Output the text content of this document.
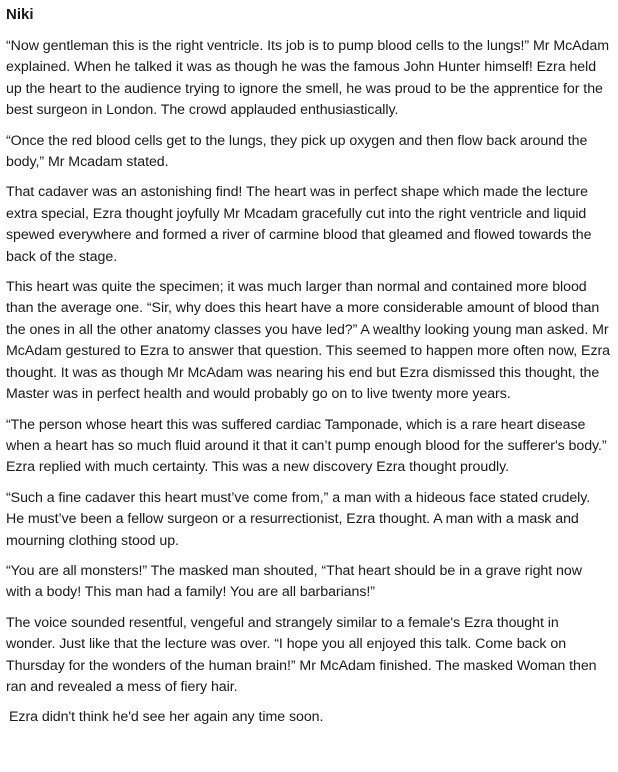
Niki

“Now gentleman this is the right ventricle. Its job is to pump blood cells to the lungs!” Mr McAdam explained. When he talked it was as though he was the famous John Hunter himself! Ezra held up the heart to the audience trying to ignore the smell, he was proud to be the apprentice for the best surgeon in London. The crowd applauded enthusiastically.

“Once the red blood cells get to the lungs, they pick up oxygen and then flow back around the body,” Mr Mcadam stated.

That cadaver was an astonishing find! The heart was in perfect shape which made the lecture extra special, Ezra thought joyfully Mr Mcadam gracefully cut into the right ventricle and liquid spewed everywhere and formed a river of carmine blood that gleamed and flowed towards the back of the stage.

This heart was quite the specimen; it was much larger than normal and contained more blood than the average one. “Sir, why does this heart have a more considerable amount of blood than the ones in all the other anatomy classes you have led?” A wealthy looking young man asked. Mr McAdam gestured to Ezra to answer that question. This seemed to happen more often now, Ezra thought. It was as though Mr McAdam was nearing his end but Ezra dismissed this thought, the Master was in perfect health and would probably go on to live twenty more years.

“The person whose heart this was suffered cardiac Tamponade, which is a rare heart disease when a heart has so much fluid around it that it can’t pump enough blood for the sufferer's body.” Ezra replied with much certainty. This was a new discovery Ezra thought proudly.

“Such a fine cadaver this heart must’ve come from,” a man with a hideous face stated crudely. He must’ve been a fellow surgeon or a resurrectionist, Ezra thought. A man with a mask and mourning clothing stood up.

“You are all monsters!” The masked man shouted, “That heart should be in a grave right now with a body! This man had a family! You are all barbarians!”

The voice sounded resentful, vengeful and strangely similar to a female's Ezra thought in wonder. Just like that the lecture was over. “I hope you all enjoyed this talk. Come back on Thursday for the wonders of the human brain!” Mr McAdam finished. The masked Woman then ran and revealed a mess of fiery hair.

Ezra didn't think he'd see her again any time soon.
